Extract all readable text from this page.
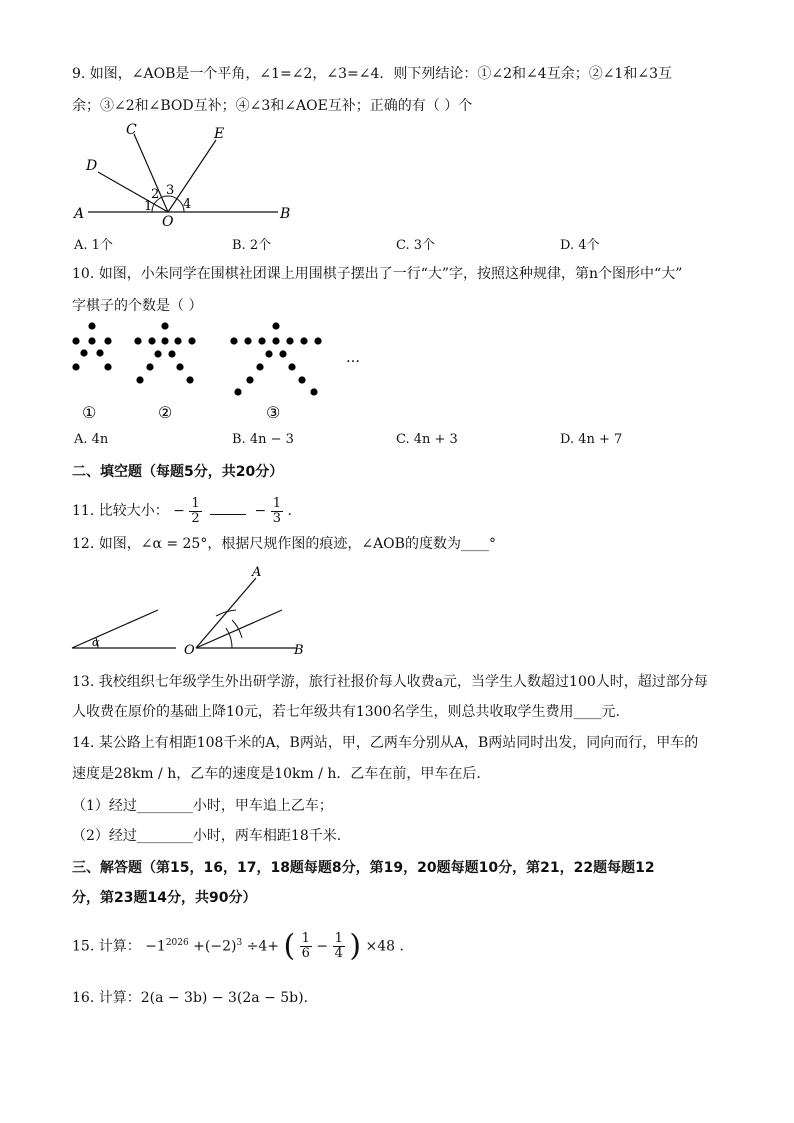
9. 如图，∠AOB是一个平角，∠1=∠2，∠3=∠4．则下列结论：①∠2和∠4互余；②∠1和∠3互
余；③∠2和∠BOD互补；④∠3和∠AOE互补；正确的有（ ）个
A	B
C
D
E
O
1
2 3
4
A. 1个	B. 2个	C. 3个	D. 4个
10. 如图，小朱同学在围棋社团课上用围棋子摆出了一行“大”字，按照这种规律，第n个图形中“大”
字棋子的个数是（ ）
…
①	②	③
A. 4n	B. 4n − 3	C. 4n + 3	D. 4n + 7
二、填空题（每题5分，共20分）
11. 比较大小： − $\frac{1}{2}$	− $\frac{1}{3}$ .
12. 如图，∠α = 25°，根据尺规作图的痕迹，∠AOB的度数为____°
α
A
O	B
13. 我校组织七年级学生外出研学游，旅行社报价每人收费a元，当学生人数超过100人时，超过部分每
人收费在原价的基础上降10元，若七年级共有1300名学生，则总共收取学生费用____元.
14. 某公路上有相距108千米的A，B两站，甲，乙两车分别从A，B两站同时出发，同向而行，甲车的
速度是28km / h，乙车的速度是10km / h．乙车在前，甲车在后.
（1）经过________小时，甲车追上乙车；
（2）经过________小时，两车相距18千米.
三、解答题（第15，16，17，18题每题8分，第19，20题每题10分，第21，22题每题12
分，第23题14分，共90分）
15. 计算： $-1^{2026} +(-2)^3 \div 4+$ ( $\frac{1}{6} - \frac{1}{4}$ ) ×48 .
16. 计算：2(a − 3b) − 3(2a − 5b).
